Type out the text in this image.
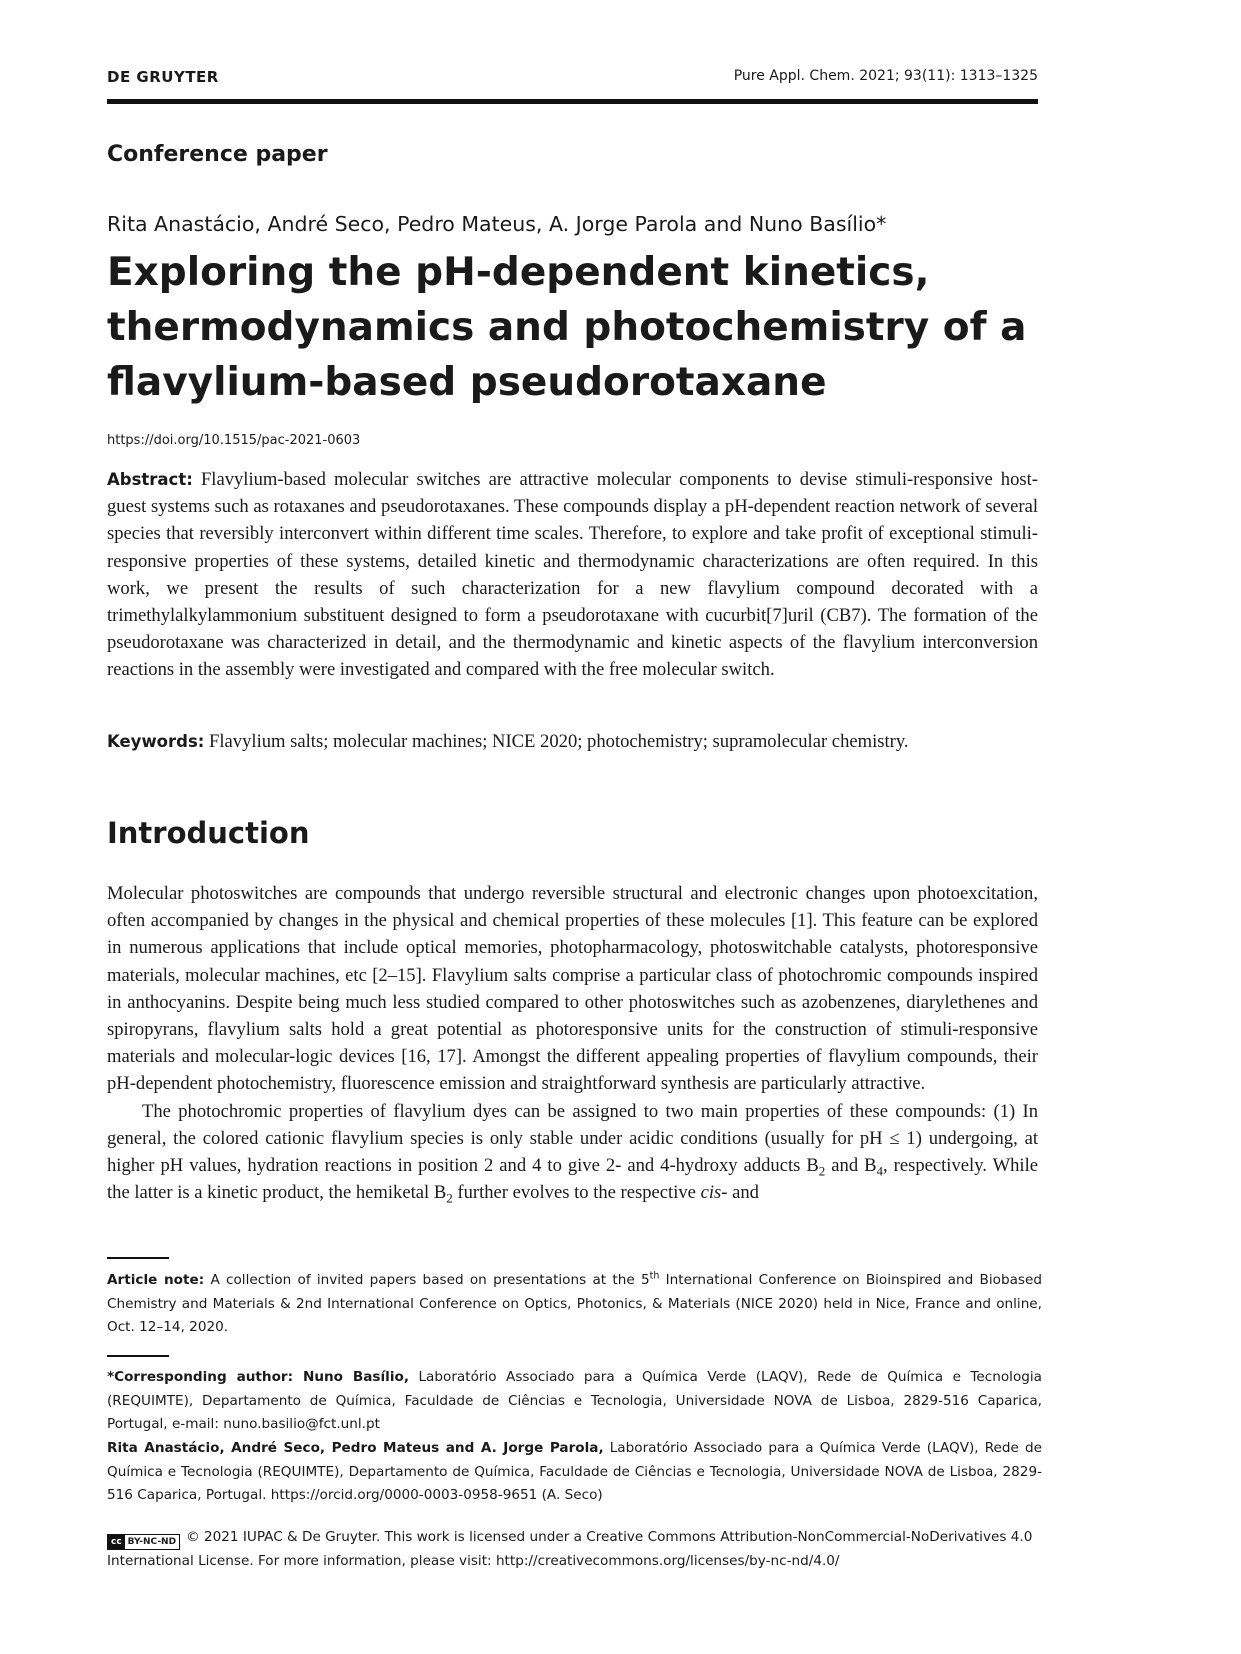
DE GRUYTER	Pure Appl. Chem. 2021; 93(11): 1313–1325
Conference paper
Rita Anastácio, André Seco, Pedro Mateus, A. Jorge Parola and Nuno Basílio*
Exploring the pH-dependent kinetics, thermodynamics and photochemistry of a flavylium-based pseudorotaxane
https://doi.org/10.1515/pac-2021-0603

Abstract: Flavylium-based molecular switches are attractive molecular components to devise stimuli-responsive host-guest systems such as rotaxanes and pseudorotaxanes. These compounds display a pH-dependent reaction network of several species that reversibly interconvert within different time scales. Therefore, to explore and take profit of exceptional stimuli-responsive properties of these systems, detailed kinetic and thermodynamic characterizations are often required. In this work, we present the results of such characterization for a new flavylium compound decorated with a trimethylalkylammonium substituent designed to form a pseudorotaxane with cucurbit[7]uril (CB7). The formation of the pseudorotaxane was characterized in detail, and the thermodynamic and kinetic aspects of the flavylium interconversion reactions in the assembly were investigated and compared with the free molecular switch.

Keywords: Flavylium salts; molecular machines; NICE 2020; photochemistry; supramolecular chemistry.

Introduction

Molecular photoswitches are compounds that undergo reversible structural and electronic changes upon photoexcitation, often accompanied by changes in the physical and chemical properties of these molecules [1]. This feature can be explored in numerous applications that include optical memories, photopharmacology, photoswitchable catalysts, photoresponsive materials, molecular machines, etc [2–15]. Flavylium salts comprise a particular class of photochromic compounds inspired in anthocyanins. Despite being much less studied compared to other photoswitches such as azobenzenes, diarylethenes and spiropyrans, flavylium salts hold a great potential as photoresponsive units for the construction of stimuli-responsive materials and molecular-logic devices [16, 17]. Amongst the different appealing properties of flavylium compounds, their pH-dependent photochemistry, fluorescence emission and straightforward synthesis are particularly attractive.

The photochromic properties of flavylium dyes can be assigned to two main properties of these compounds: (1) In general, the colored cationic flavylium species is only stable under acidic conditions (usually for pH ≤ 1) undergoing, at higher pH values, hydration reactions in position 2 and 4 to give 2- and 4-hydroxy adducts $B_2$ and $B_4$, respectively. While the latter is a kinetic product, the hemiketal $B_2$ further evolves to the respective cis- and

Article note: A collection of invited papers based on presentations at the 5th International Conference on Bioinspired and Biobased Chemistry and Materials & 2nd International Conference on Optics, Photonics, & Materials (NICE 2020) held in Nice, France and online, Oct. 12–14, 2020.

*Corresponding author: Nuno Basílio, Laboratório Associado para a Química Verde (LAQV), Rede de Química e Tecnologia (REQUIMTE), Departamento de Química, Faculdade de Ciências e Tecnologia, Universidade NOVA de Lisboa, 2829-516 Caparica, Portugal, e-mail: nuno.basilio@fct.unl.pt

Rita Anastácio, André Seco, Pedro Mateus and A. Jorge Parola, Laboratório Associado para a Química Verde (LAQV), Rede de Química e Tecnologia (REQUIMTE), Departamento de Química, Faculdade de Ciências e Tecnologia, Universidade NOVA de Lisboa, 2829-516 Caparica, Portugal. https://orcid.org/0000-0003-0958-9651 (A. Seco)

cc BY-NC-ND © 2021 IUPAC & De Gruyter. This work is licensed under a Creative Commons Attribution-NonCommercial-NoDerivatives 4.0 International License. For more information, please visit: http://creativecommons.org/licenses/by-nc-nd/4.0/
